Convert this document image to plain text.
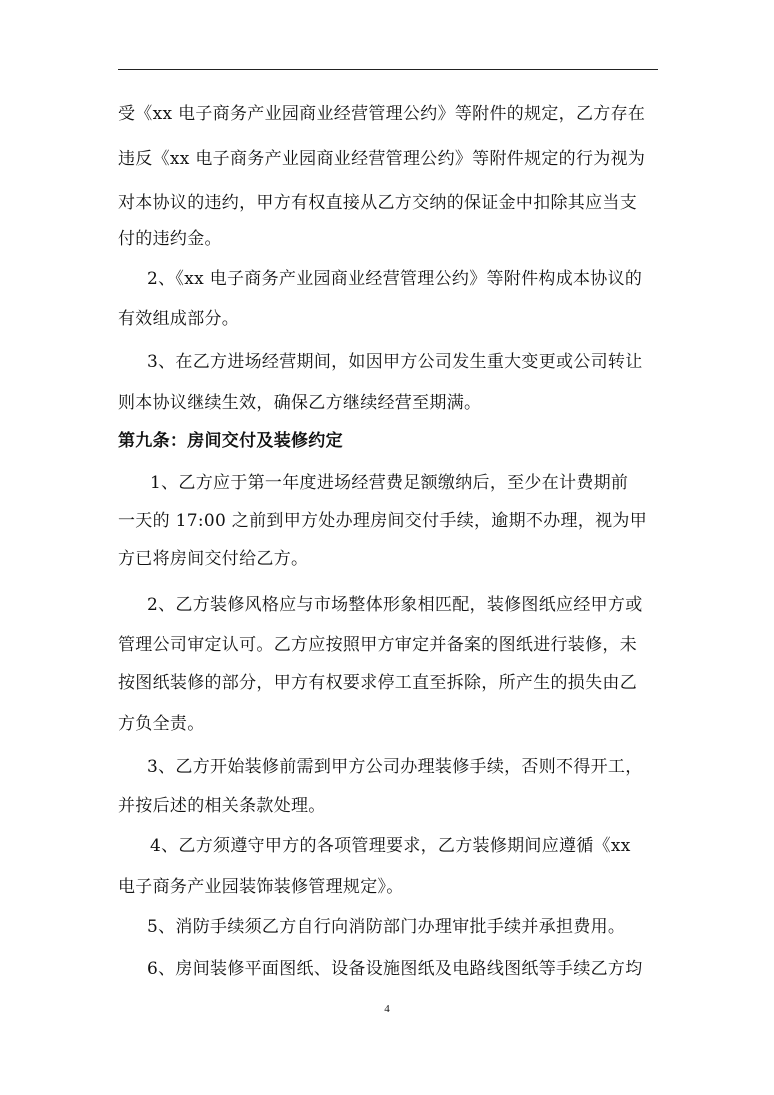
受《xx 电子商务产业园商业经营管理公约》等附件的规定，乙方存在
违反《xx 电子商务产业园商业经营管理公约》等附件规定的行为视为
对本协议的违约，甲方有权直接从乙方交纳的保证金中扣除其应当支
付的违约金。
2、《xx 电子商务产业园商业经营管理公约》等附件构成本协议的
有效组成部分。
3、在乙方进场经营期间，如因甲方公司发生重大变更或公司转让
则本协议继续生效，确保乙方继续经营至期满。
第九条：房间交付及装修约定
1、乙方应于第一年度进场经营费足额缴纳后，至少在计费期前
一天的 17:00 之前到甲方处办理房间交付手续，逾期不办理，视为甲
方已将房间交付给乙方。
2、乙方装修风格应与市场整体形象相匹配，装修图纸应经甲方或
管理公司审定认可。乙方应按照甲方审定并备案的图纸进行装修，未
按图纸装修的部分，甲方有权要求停工直至拆除，所产生的损失由乙
方负全责。
3、乙方开始装修前需到甲方公司办理装修手续，否则不得开工，
并按后述的相关条款处理。
4、乙方须遵守甲方的各项管理要求，乙方装修期间应遵循《xx
电子商务产业园装饰装修管理规定》。
5、消防手续须乙方自行向消防部门办理审批手续并承担费用。
6、房间装修平面图纸、设备设施图纸及电路线图纸等手续乙方均
4
